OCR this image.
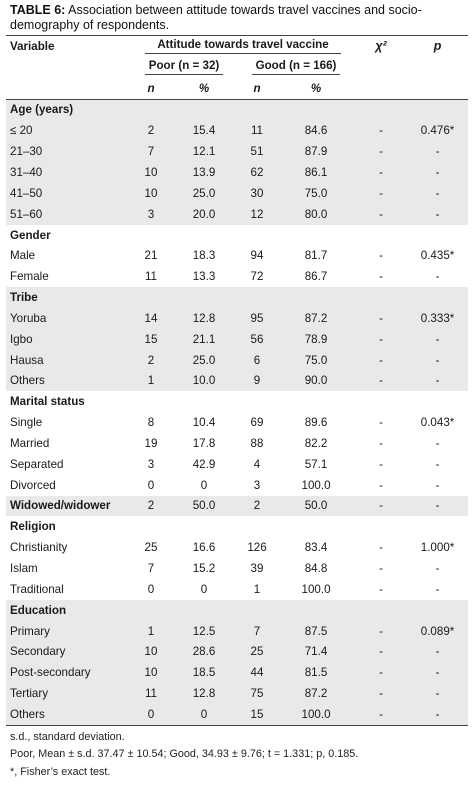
TABLE 6: Association between attitude towards travel vaccines and socio-demography of respondents.

Variable	Attitude towards travel vaccine				χ²	p
	Poor (n = 32)		Good (n = 166)			
	n	%	n	%		
Age (years)						
≤ 20	2	15.4	11	84.6	-	0.476*
21–30	7	12.1	51	87.9	-	-
31–40	10	13.9	62	86.1	-	-
41–50	10	25.0	30	75.0	-	-
51–60	3	20.0	12	80.0	-	-
Gender						
Male	21	18.3	94	81.7	-	0.435*
Female	11	13.3	72	86.7	-	-
Tribe						
Yoruba	14	12.8	95	87.2	-	0.333*
Igbo	15	21.1	56	78.9	-	-
Hausa	2	25.0	6	75.0	-	-
Others	1	10.0	9	90.0	-	-
Marital status						
Single	8	10.4	69	89.6	-	0.043*
Married	19	17.8	88	82.2	-	-
Separated	3	42.9	4	57.1	-	-
Divorced	0	0	3	100.0	-	-
Widowed/widower	2	50.0	2	50.0	-	-
Religion						
Christianity	25	16.6	126	83.4	-	1.000*
Islam	7	15.2	39	84.8	-	-
Traditional	0	0	1	100.0	-	-
Education						
Primary	1	12.5	7	87.5	-	0.089*
Secondary	10	28.6	25	71.4	-	-
Post-secondary	10	18.5	44	81.5	-	-
Tertiary	11	12.8	75	87.2	-	-
Others	0	0	15	100.0	-	-
s.d., standard deviation.
Poor, Mean ± s.d. 37.47 ± 10.54; Good, 34.93 ± 9.76; t = 1.331; p, 0.185.
*, Fisher’s exact test.
